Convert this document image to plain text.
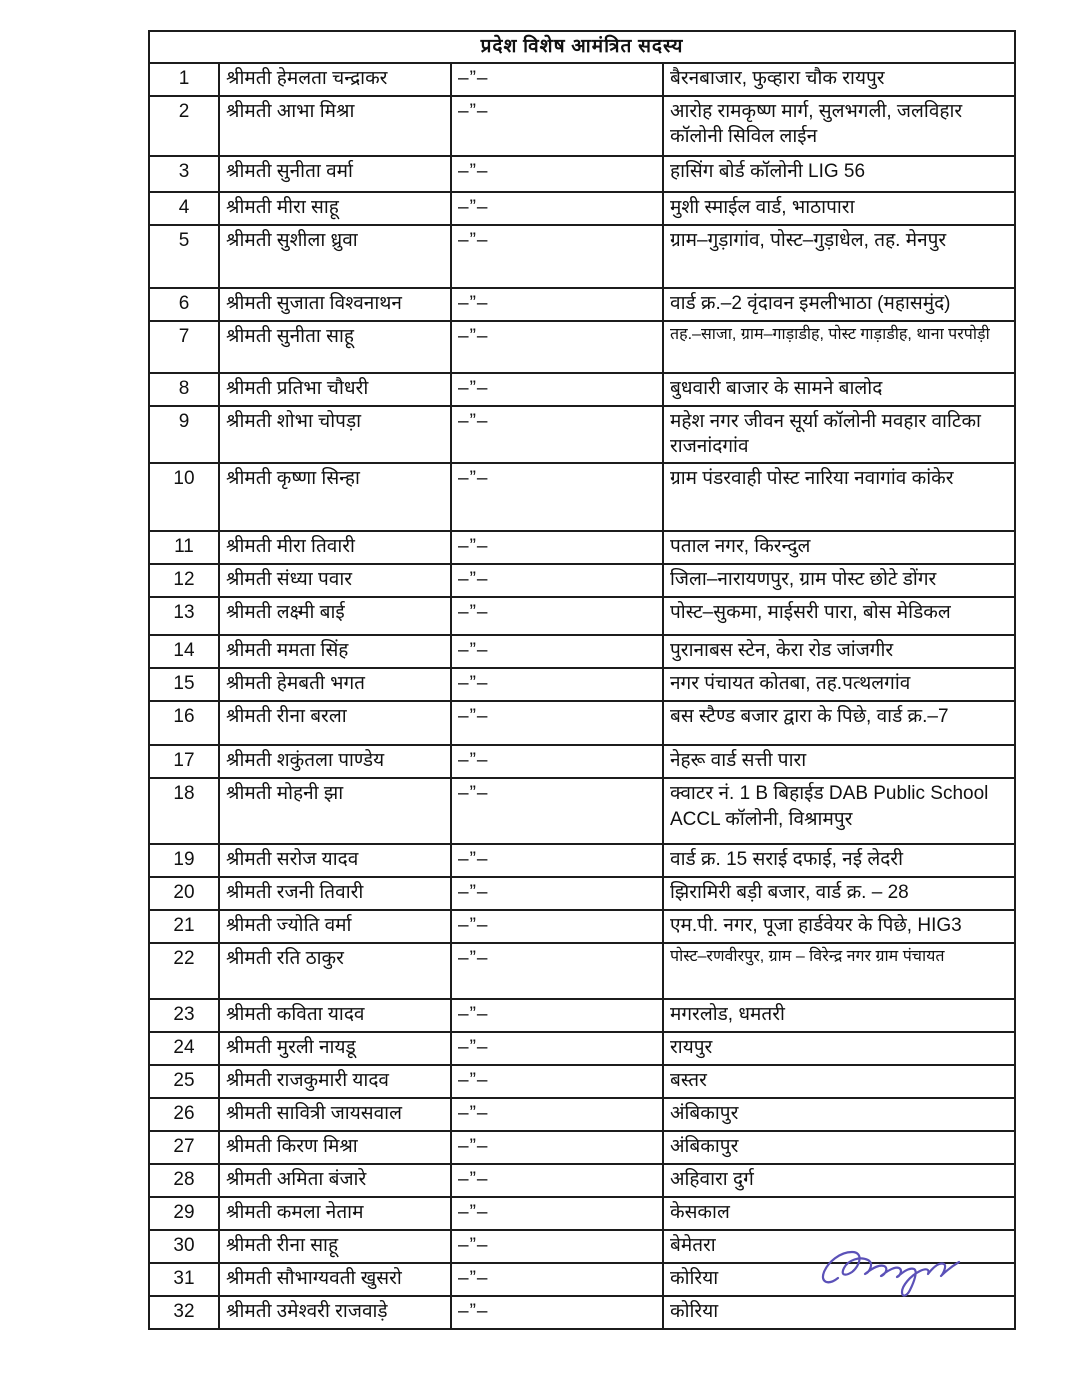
प्रदेश विशेष आमंत्रित सदस्य			
1	श्रीमती हेमलता चन्द्राकर	–”–	बैरनबाजार, फुव्हारा चौक रायपुर
2	श्रीमती आभा मिश्रा	–”–	आरोह रामकृष्ण मार्ग, सुलभगली, जलविहार कॉलोनी सिविल लाईन
3	श्रीमती सुनीता वर्मा	–”–	हासिंग बोर्ड कॉलोनी LIG 56
4	श्रीमती मीरा साहू	–”–	मुशी स्माईल वार्ड, भाठापारा
5	श्रीमती सुशीला ध्रुवा	–”–	ग्राम–गुड़ागांव, पोस्ट–गुड़ाधेल, तह. मेनपुर
6	श्रीमती सुजाता विश्वनाथन	–”–	वार्ड क्र.–2 वृंदावन इमलीभाठा (महासमुंद)
7	श्रीमती सुनीता साहू	–”–	तह.–साजा, ग्राम–गाड़ाडीह, पोस्ट गाड़ाडीह, थाना परपोड़ी
8	श्रीमती प्रतिभा चौधरी	–”–	बुधवारी बाजार के सामने बालोद
9	श्रीमती शोभा चोपड़ा	–”–	महेश नगर जीवन सूर्या कॉलोनी मवहार वाटिका राजनांदगांव
10	श्रीमती कृष्णा सिन्हा	–”–	ग्राम पंडरवाही पोस्ट नारिया नवागांव कांकेर
11	श्रीमती मीरा तिवारी	–”–	पताल नगर, किरन्दुल
12	श्रीमती संध्या पवार	–”–	जिला–नारायणपुर, ग्राम पोस्ट छोटे डोंगर
13	श्रीमती लक्ष्मी बाई	–”–	पोस्ट–सुकमा, माईसरी पारा, बोस मेडिकल
14	श्रीमती ममता सिंह	–”–	पुरानाबस स्टेन, केरा रोड जांजगीर
15	श्रीमती हेमबती भगत	–”–	नगर पंचायत कोतबा, तह.पत्थलगांव
16	श्रीमती रीना बरला	–”–	बस स्टैण्ड बजार द्वारा के पिछे, वार्ड क्र.–7
17	श्रीमती शकुंतला पाण्डेय	–”–	नेहरू वार्ड सत्ती पारा
18	श्रीमती मोहनी झा	–”–	क्वाटर नं. 1 B बिहाईड DAB Public School ACCL कॉलोनी, विश्रामपुर
19	श्रीमती सरोज यादव	–”–	वार्ड क्र. 15 सराई दफाई, नई लेदरी
20	श्रीमती रजनी तिवारी	–”–	झिरामिरी बड़ी बजार, वार्ड क्र. – 28
21	श्रीमती ज्योति वर्मा	–”–	एम.पी. नगर, पूजा हार्डवेयर के पिछे, HIG3
22	श्रीमती रति ठाकुर	–”–	पोस्ट–रणवीरपुर, ग्राम – विरेन्द्र नगर ग्राम पंचायत
23	श्रीमती कविता यादव	–”–	मगरलोड, धमतरी
24	श्रीमती मुरली नायडू	–”–	रायपुर
25	श्रीमती राजकुमारी यादव	–”–	बस्तर
26	श्रीमती सावित्री जायसवाल	–”–	अंबिकापुर
27	श्रीमती किरण मिश्रा	–”–	अंबिकापुर
28	श्रीमती अमिता बंजारे	–”–	अहिवारा दुर्ग
29	श्रीमती कमला नेताम	–”–	केसकाल
30	श्रीमती रीना साहू	–”–	बेमेतरा
31	श्रीमती सौभाग्यवती खुसरो	–”–	कोरिया
32	श्रीमती उमेश्वरी राजवाड़े	–”–	कोरिया
